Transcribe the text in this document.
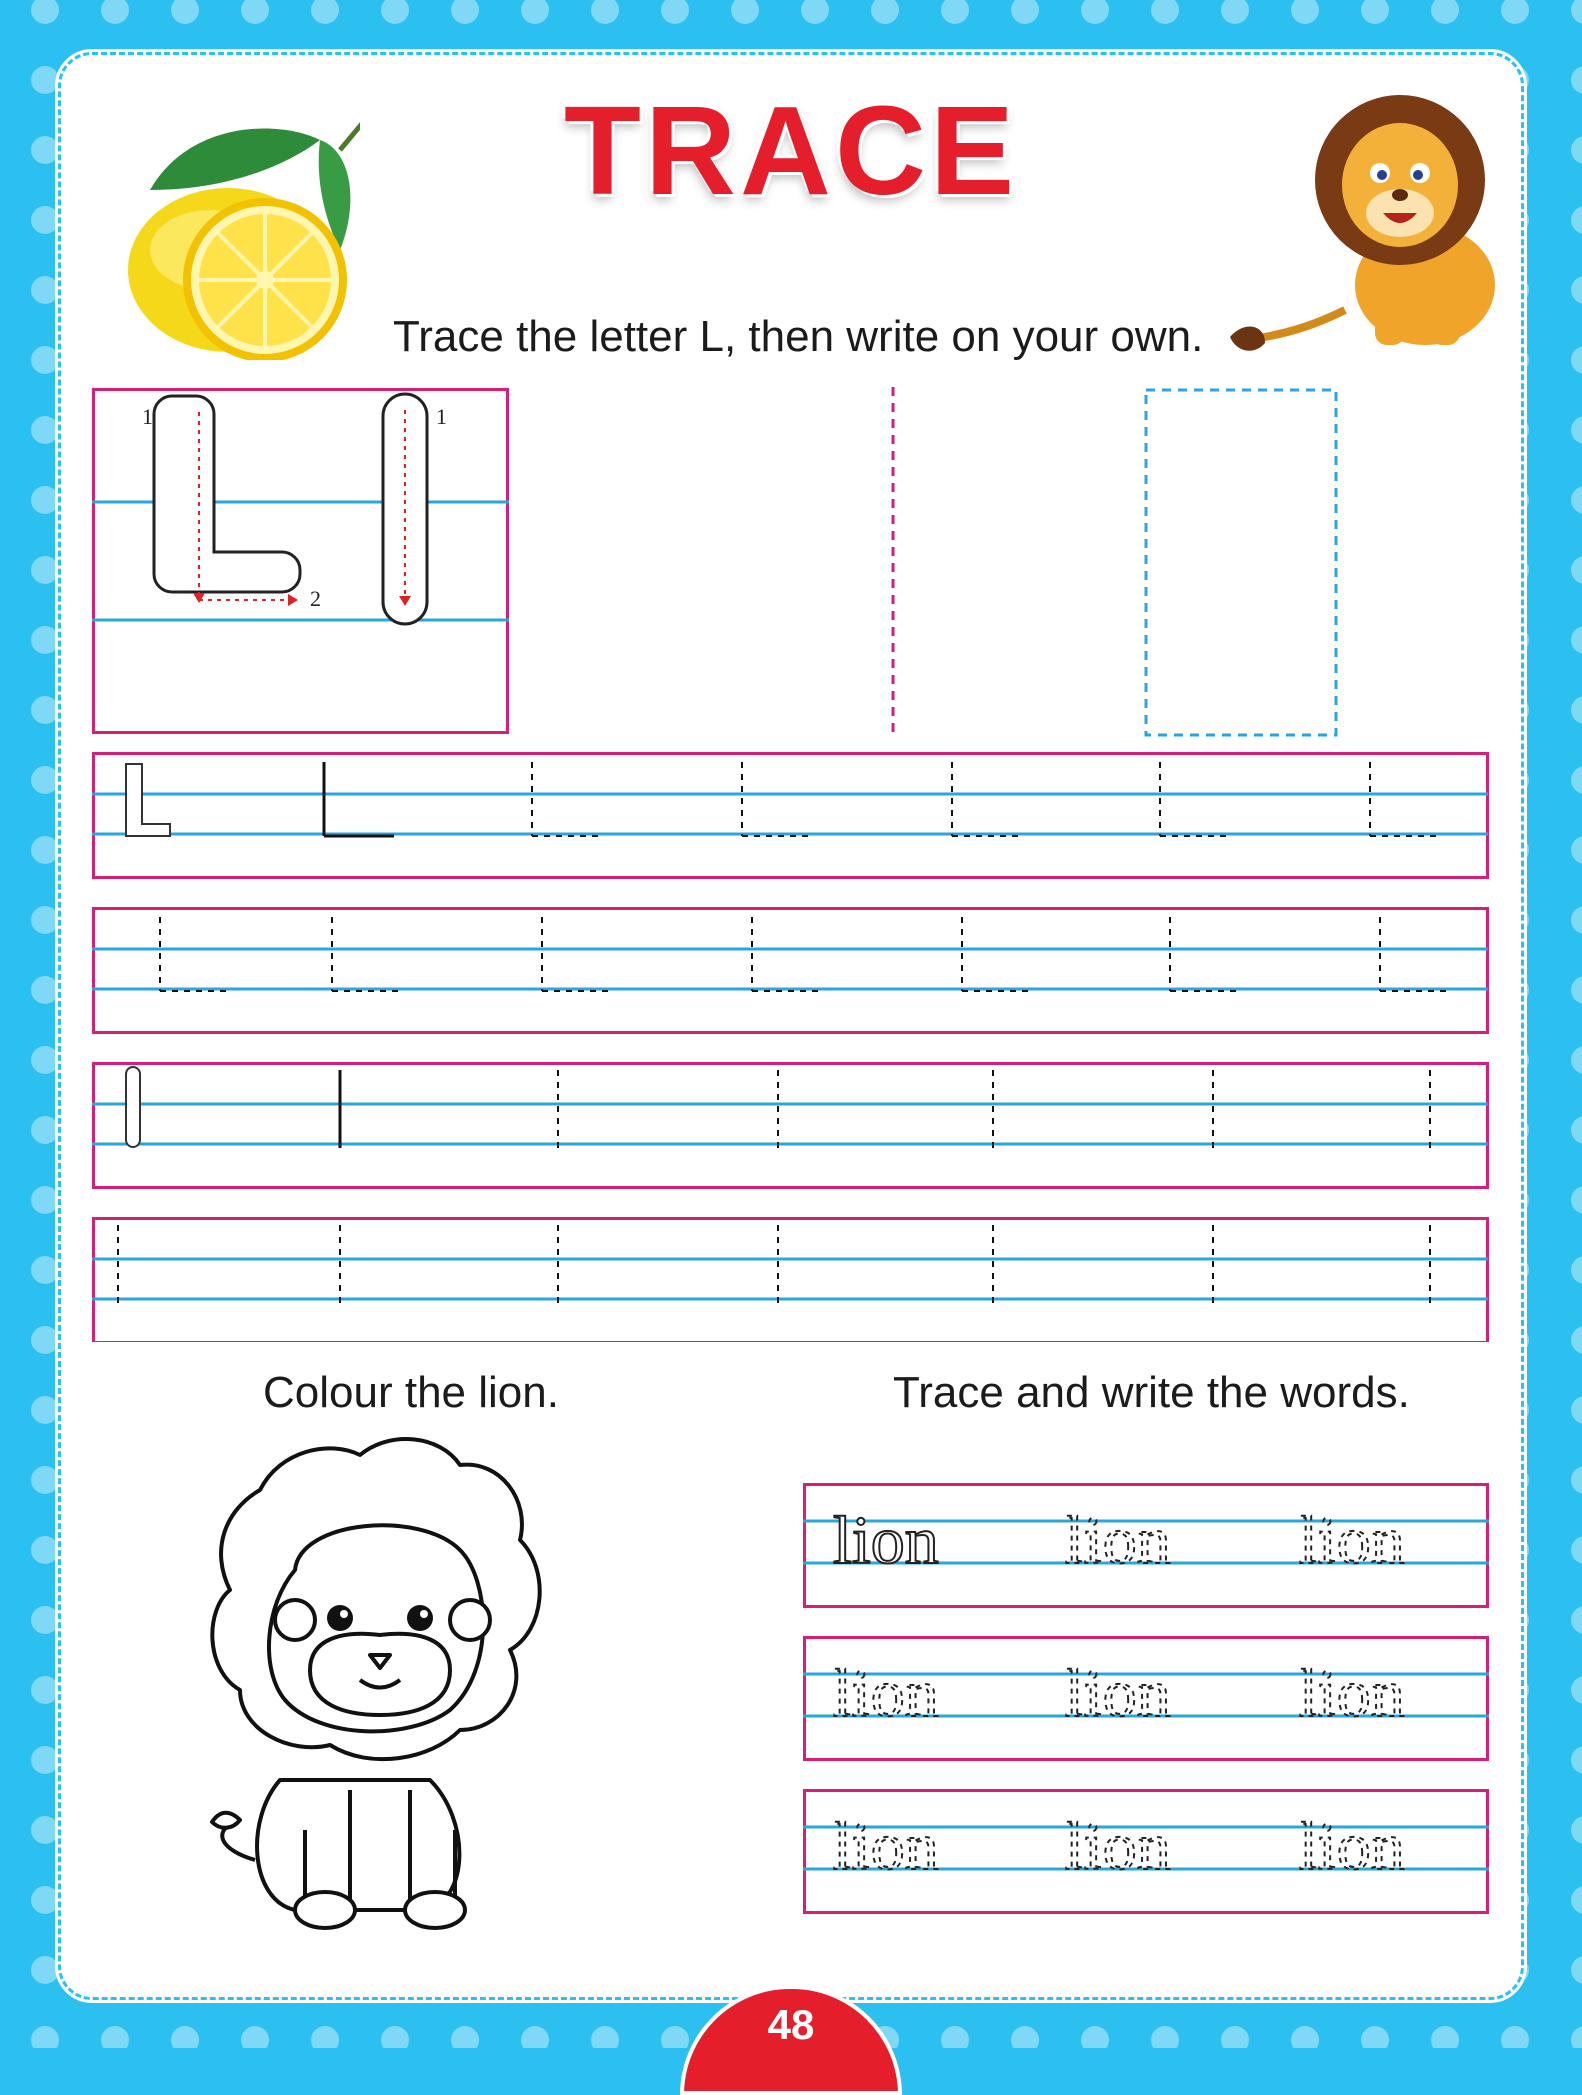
TRACE
Trace the letter L, then write on your own.
1
2
1
Colour the lion.	Trace and write the words.
lion lion lion
lion lion lion
lion lion lion
48
